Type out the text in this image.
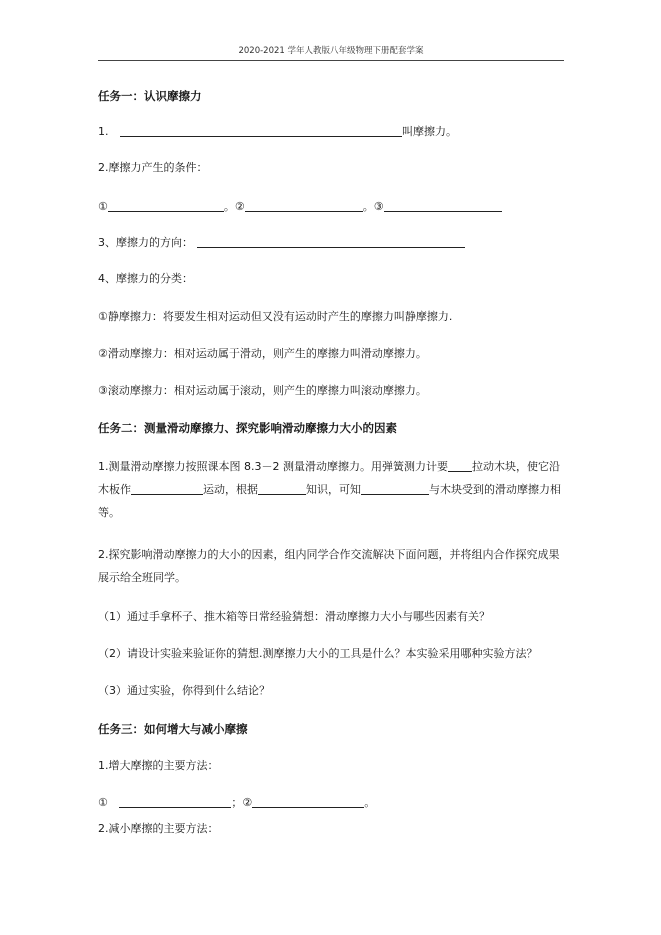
2020-2021 学年人教版八年级物理下册配套学案
任务一：认识摩擦力
1.	叫摩擦力。
2.摩擦力产生的条件：
①	。②	。③
3、摩擦力的方向：
4、摩擦力的分类：
①静摩擦力：将要发生相对运动但又没有运动时产生的摩擦力叫静摩擦力.
②滑动摩擦力：相对运动属于滑动，则产生的摩擦力叫滑动摩擦力。
③滚动摩擦力：相对运动属于滚动，则产生的摩擦力叫滚动摩擦力。
任务二：测量滑动摩擦力、探究影响滑动摩擦力大小的因素
1.测量滑动摩擦力按照课本图 8.3－2 测量滑动摩擦力。用弹簧测力计要 拉动木块，使它沿木板作	运动，根据	知识，可知	与木块受到的滑动摩擦力相等。
2.探究影响滑动摩擦力的大小的因素，组内同学合作交流解决下面问题，并将组内合作探究成果展示给全班同学。
（1）通过手拿杯子、推木箱等日常经验猜想：滑动摩擦力大小与哪些因素有关？
（2）请设计实验来验证你的猜想.测摩擦力大小的工具是什么？本实验采用哪种实验方法？
（3）通过实验，你得到什么结论？
任务三：如何增大与减小摩擦
1.增大摩擦的主要方法：
①	；②	。
2.减小摩擦的主要方法：
